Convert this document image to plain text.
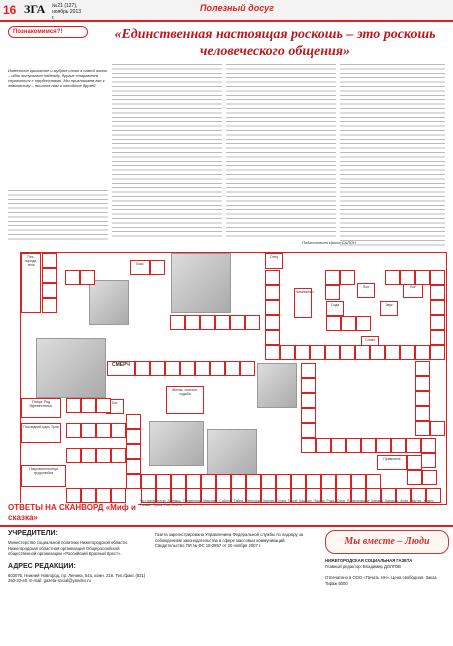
16 ЗГА №21 (127), ноябрь 2013 г.
Полезный досуг
Познакомимся?!	«Единственная настоящая роскошь – это роскошь человеческого общения»
Известное крылатое и мудрое слово в самой жизни – одни выпускают надежду, другие стараются справиться с трудностями. Мы приглашаем вас к знакомству – пишите нам и находите друзей.
Подготовила Ирина САЛОН
Пес-породи-тель	Бокс
Отец
Чемпионат
Пол
Сода	Звук
Бог
Слово
Жизнь, счастье, судьба
СМЕРЧ
Птица. Род буревестника.
Последний царь Трои
Бог
Покровительница трудолюбия
Правитель
ОТВЕТЫ НА СКАНВОРД «Миф и сказка»
По горизонтали: Абрикос. Трезвенник. Мирзоев. Сабина. Тайна. Петрушка. Кризис. Бочка. Герой. Каштан. Пашня. Рожь. Сура. По вертикали: Чапаев. Ландыш. Арка. Пастух. Хомут. Рыжик. Прага. Лев. Знать.
УЧРЕДИТЕЛИ:
Министерство социальной политики Нижегородской области. Нижегородская областная организация Общероссийской общественной организации «Российский Красный Крест».
АДРЕС РЕДАКЦИИ:
603076, Нижний Новгород, пр. Ленина, 54а, комн. 218. Тел./факс (831) 250-32-40. E-mail: gazeta-social@yandex.ru
Газета зарегистрирована Управлением Федеральной службы по надзору за соблюдением законодательства в сфере массовых коммуникаций. Свидетельство ПИ № ФС 18-2857 от 20 ноября 2007 г.	Мы вместе – Люди
НИЖЕГОРОДСКАЯ СОЦИАЛЬНАЯ ГАЗЕТА
Главный редактор: Владимир ДОЛГОВ
Отпечатано в ООО «Печать НН». Цена свободная. Заказ. Тираж 5000
